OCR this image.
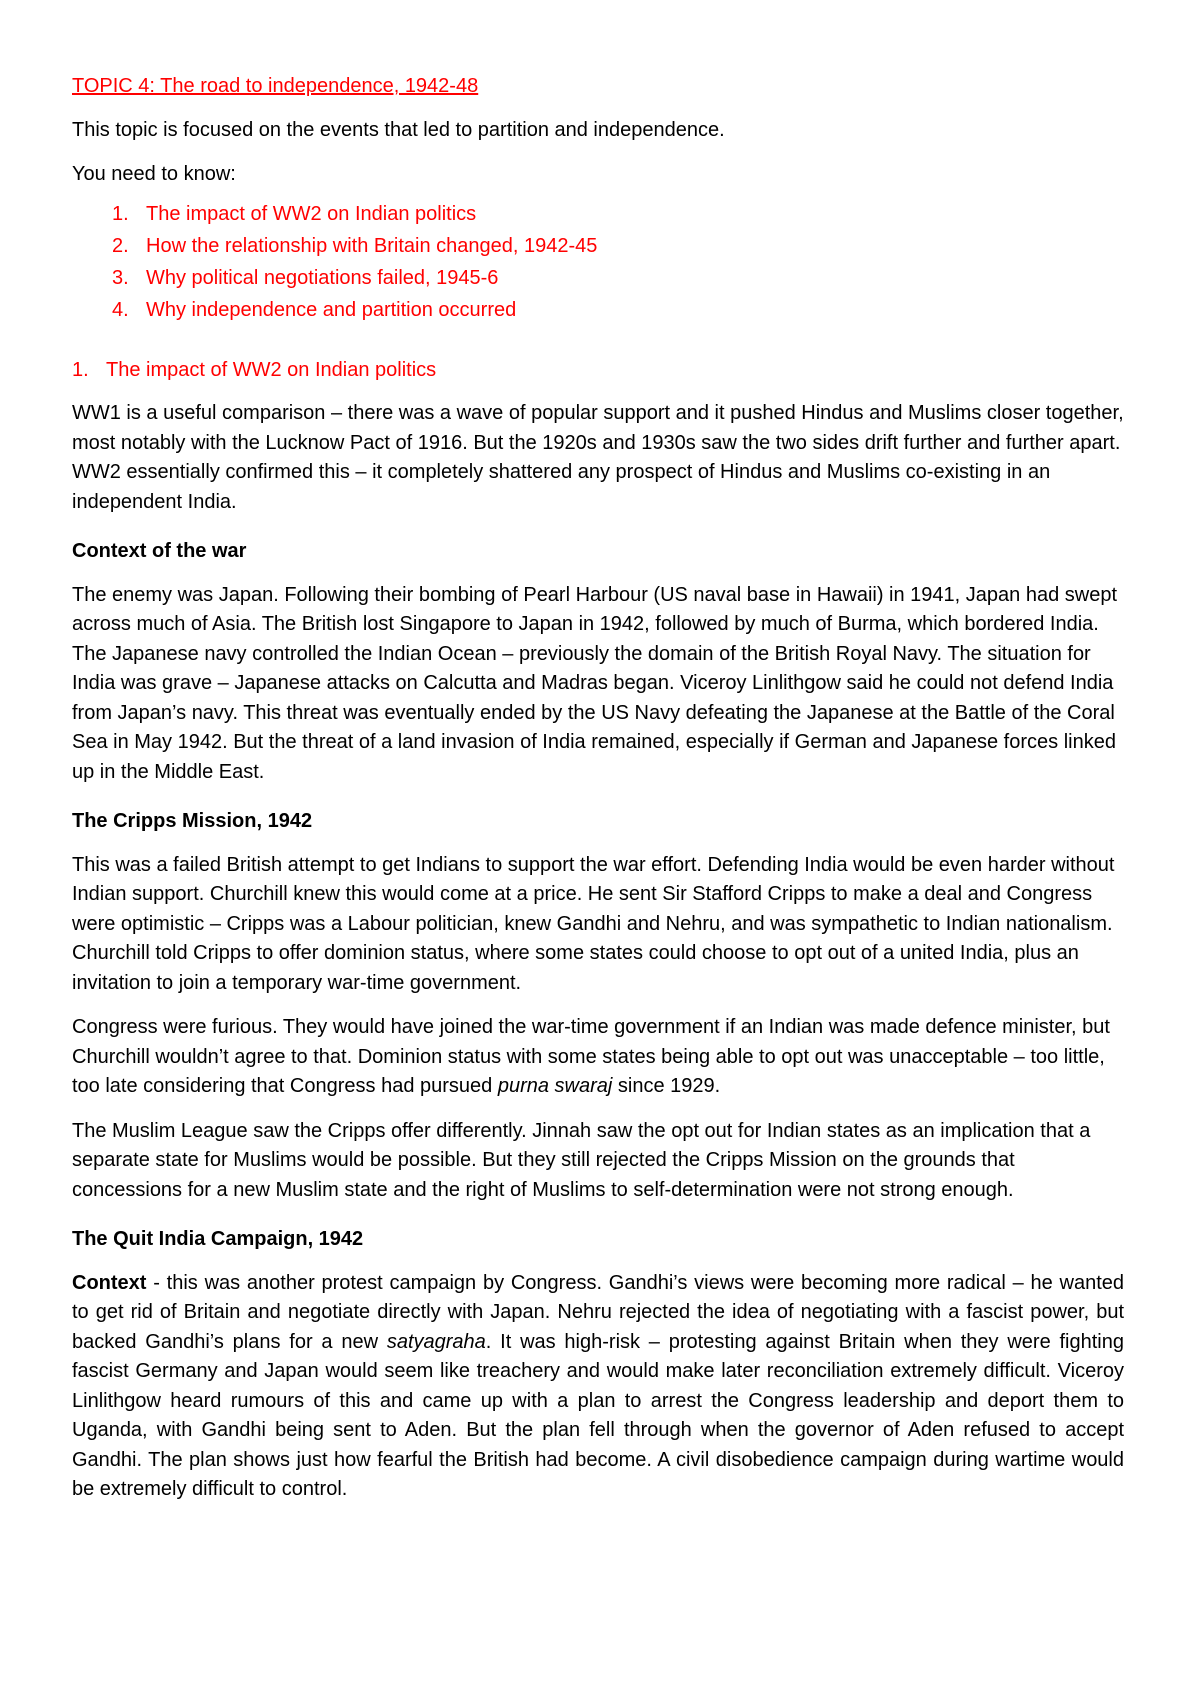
TOPIC 4: The road to independence, 1942-48

This topic is focused on the events that led to partition and independence.

You need to know:

1. The impact of WW2 on Indian politics
2. How the relationship with Britain changed, 1942-45
3. Why political negotiations failed, 1945-6
4. Why independence and partition occurred
1. The impact of WW2 on Indian politics

WW1 is a useful comparison – there was a wave of popular support and it pushed Hindus and Muslims closer together, most notably with the Lucknow Pact of 1916. But the 1920s and 1930s saw the two sides drift further and further apart. WW2 essentially confirmed this – it completely shattered any prospect of Hindus and Muslims co-existing in an independent India.

Context of the war

The enemy was Japan. Following their bombing of Pearl Harbour (US naval base in Hawaii) in 1941, Japan had swept across much of Asia. The British lost Singapore to Japan in 1942, followed by much of Burma, which bordered India. The Japanese navy controlled the Indian Ocean – previously the domain of the British Royal Navy. The situation for India was grave – Japanese attacks on Calcutta and Madras began. Viceroy Linlithgow said he could not defend India from Japan’s navy. This threat was eventually ended by the US Navy defeating the Japanese at the Battle of the Coral Sea in May 1942. But the threat of a land invasion of India remained, especially if German and Japanese forces linked up in the Middle East.

The Cripps Mission, 1942

This was a failed British attempt to get Indians to support the war effort. Defending India would be even harder without Indian support. Churchill knew this would come at a price. He sent Sir Stafford Cripps to make a deal and Congress were optimistic – Cripps was a Labour politician, knew Gandhi and Nehru, and was sympathetic to Indian nationalism. Churchill told Cripps to offer dominion status, where some states could choose to opt out of a united India, plus an invitation to join a temporary war-time government.

Congress were furious. They would have joined the war-time government if an Indian was made defence minister, but Churchill wouldn’t agree to that. Dominion status with some states being able to opt out was unacceptable – too little, too late considering that Congress had pursued purna swaraj since 1929.

The Muslim League saw the Cripps offer differently. Jinnah saw the opt out for Indian states as an implication that a separate state for Muslims would be possible. But they still rejected the Cripps Mission on the grounds that concessions for a new Muslim state and the right of Muslims to self-determination were not strong enough.

The Quit India Campaign, 1942

Context - this was another protest campaign by Congress. Gandhi’s views were becoming more radical – he wanted to get rid of Britain and negotiate directly with Japan. Nehru rejected the idea of negotiating with a fascist power, but backed Gandhi’s plans for a new satyagraha. It was high-risk – protesting against Britain when they were fighting fascist Germany and Japan would seem like treachery and would make later reconciliation extremely difficult. Viceroy Linlithgow heard rumours of this and came up with a plan to arrest the Congress leadership and deport them to Uganda, with Gandhi being sent to Aden. But the plan fell through when the governor of Aden refused to accept Gandhi. The plan shows just how fearful the British had become. A civil disobedience campaign during wartime would be extremely difficult to control.
